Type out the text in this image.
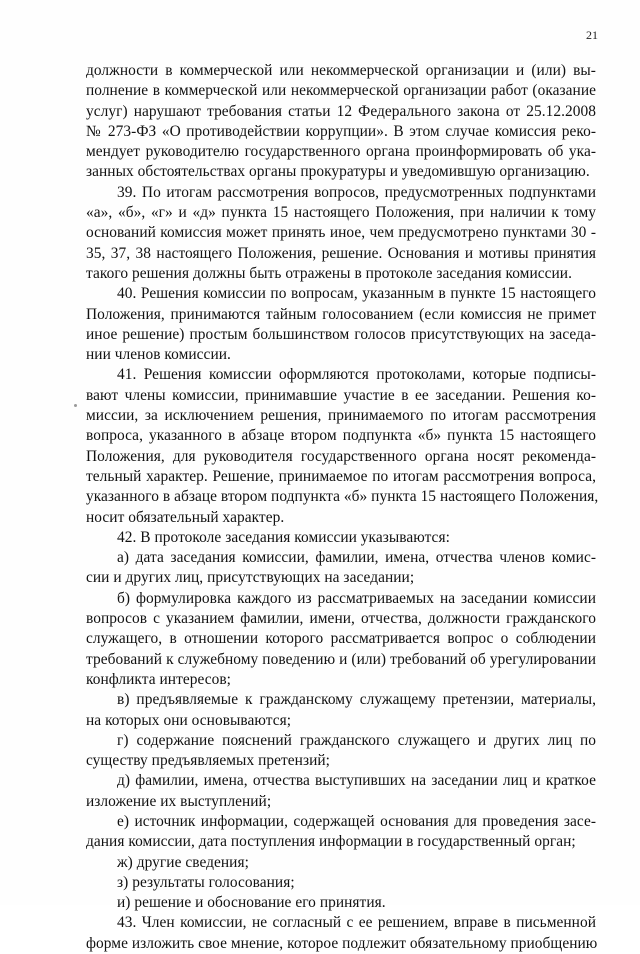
21
должности в коммерческой или некоммерческой организации и (или) вы-
полнение в коммерческой или некоммерческой организации работ (оказание
услуг) нарушают требования статьи 12 Федерального закона от 25.12.2008
№ 273-ФЗ «О противодействии коррупции». В этом случае комиссия реко-
мендует руководителю государственного органа проинформировать об ука-
занных обстоятельствах органы прокуратуры и уведомившую организацию.
39. По итогам рассмотрения вопросов, предусмотренных подпунктами
«а», «б», «г» и «д» пункта 15 настоящего Положения, при наличии к тому
оснований комиссия может принять иное, чем предусмотрено пунктами 30 -
35, 37, 38 настоящего Положения, решение. Основания и мотивы принятия
такого решения должны быть отражены в протоколе заседания комиссии.
40. Решения комиссии по вопросам, указанным в пункте 15 настоящего
Положения, принимаются тайным голосованием (если комиссия не примет
иное решение) простым большинством голосов присутствующих на заседа-
нии членов комиссии.
41. Решения комиссии оформляются протоколами, которые подписы-
вают члены комиссии, принимавшие участие в ее заседании. Решения ко-
миссии, за исключением решения, принимаемого по итогам рассмотрения
вопроса, указанного в абзаце втором подпункта «б» пункта 15 настоящего
Положения, для руководителя государственного органа носят рекоменда-
тельный характер. Решение, принимаемое по итогам рассмотрения вопроса,
указанного в абзаце втором подпункта «б» пункта 15 настоящего Положения,
носит обязательный характер.
42. В протоколе заседания комиссии указываются:
а) дата заседания комиссии, фамилии, имена, отчества членов комис-
сии и других лиц, присутствующих на заседании;
б) формулировка каждого из рассматриваемых на заседании комиссии
вопросов с указанием фамилии, имени, отчества, должности гражданского
служащего, в отношении которого рассматривается вопрос о соблюдении
требований к служебному поведению и (или) требований об урегулировании
конфликта интересов;
в) предъявляемые к гражданскому служащему претензии, материалы,
на которых они основываются;
г) содержание пояснений гражданского служащего и других лиц по
существу предъявляемых претензий;
д) фамилии, имена, отчества выступивших на заседании лиц и краткое
изложение их выступлений;
е) источник информации, содержащей основания для проведения засе-
дания комиссии, дата поступления информации в государственный орган;
ж) другие сведения;
з) результаты голосования;
и) решение и обоснование его принятия.
43. Член комиссии, не согласный с ее решением, вправе в письменной
форме изложить свое мнение, которое подлежит обязательному приобщению
